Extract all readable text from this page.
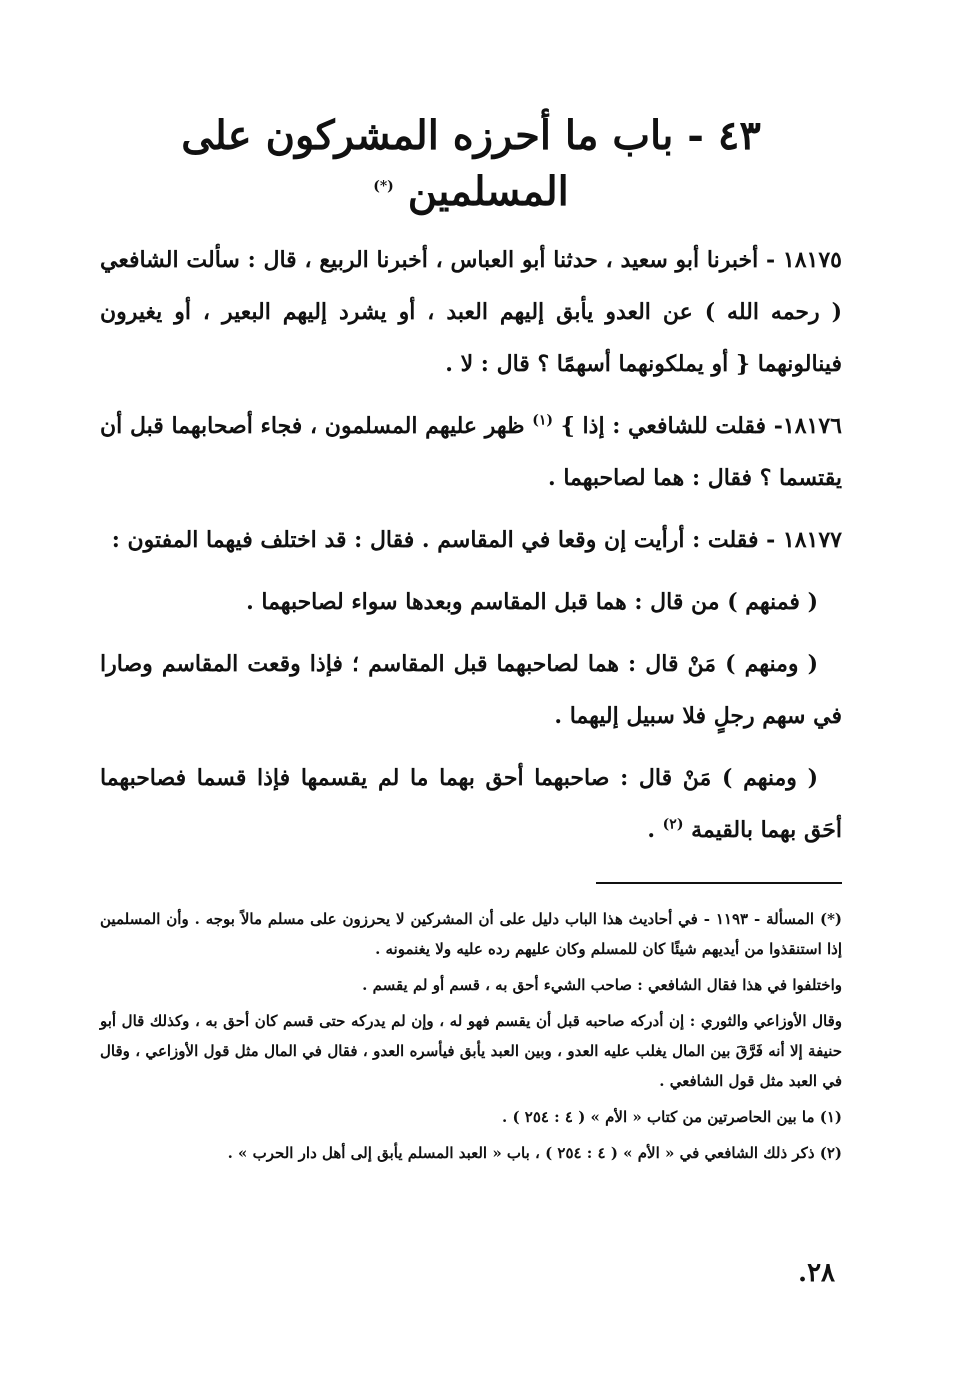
٤٣ - باب ما أحرزه المشركون على المسلمين (*)

١٨١٧٥ - أخبرنا أبو سعيد ، حدثنا أبو العباس ، أخبرنا الربيع ، قال : سألت الشافعي ( رحمه الله ) عن العدو يأبق إليهم العبد ، أو يشرد إليهم البعير ، أو يغيرون فينالونهما { أو يملكونهما أسهمًا ؟ قال : لا .

١٨١٧٦- فقلت للشافعي : إذا } $^{(١)}$ ظهر عليهم المسلمون ، فجاء أصحابهما قبل أن يقتسما ؟ فقال : هما لصاحبهما .

١٨١٧٧ - فقلت : أرأيت إن وقعا في المقاسم . فقال : قد اختلف فيهما المفتون :

( فمنهم ) من قال : هما قبل المقاسم وبعدها سواء لصاحبهما .

( ومنهم ) مَنْ قال : هما لصاحبهما قبل المقاسم ؛ فإذا وقعت المقاسم وصارا في سهم رجلٍ فلا سبيل إليهما .

( ومنهم ) مَنْ قال : صاحبهما أحق بهما ما لم يقسمها فإذا قسما فصاحبهما أحَق بهما بالقيمة $^{(٢)}$ .

(*) المسألة - ١١٩٣ - في أحاديث هذا الباب دليل على أن المشركين لا يحرزون على مسلم مالاً بوجه . وأن المسلمين إذا استنقذوا من أيديهم شيئًا كان للمسلم وكان عليهم رده عليه ولا يغنمونه .

واختلفوا في هذا فقال الشافعي : صاحب الشيء أحق به ، قسم أو لم يقسم .

وقال الأوزاعي والثوري : إن أدركه صاحبه قبل أن يقسم فهو له ، وإن لم يدركه حتى قسم كان أحق به ، وكذلك قال أبو حنيفة إلا أنه فَرَّقَ بين المال يغلب عليه العدو ، وبين العبد يأبق فيأسره العدو ، فقال في المال مثل قول الأوزاعي ، وقال في العبد مثل قول الشافعي .

(١) ما بين الحاصرتين من كتاب « الأم » ( ٤ : ٢٥٤ ) .

(٢) ذكر ذلك الشافعي في « الأم » ( ٤ : ٢٥٤ ) ، باب « العبد المسلم يأبق إلى أهل دار الحرب » .

٢٨.
